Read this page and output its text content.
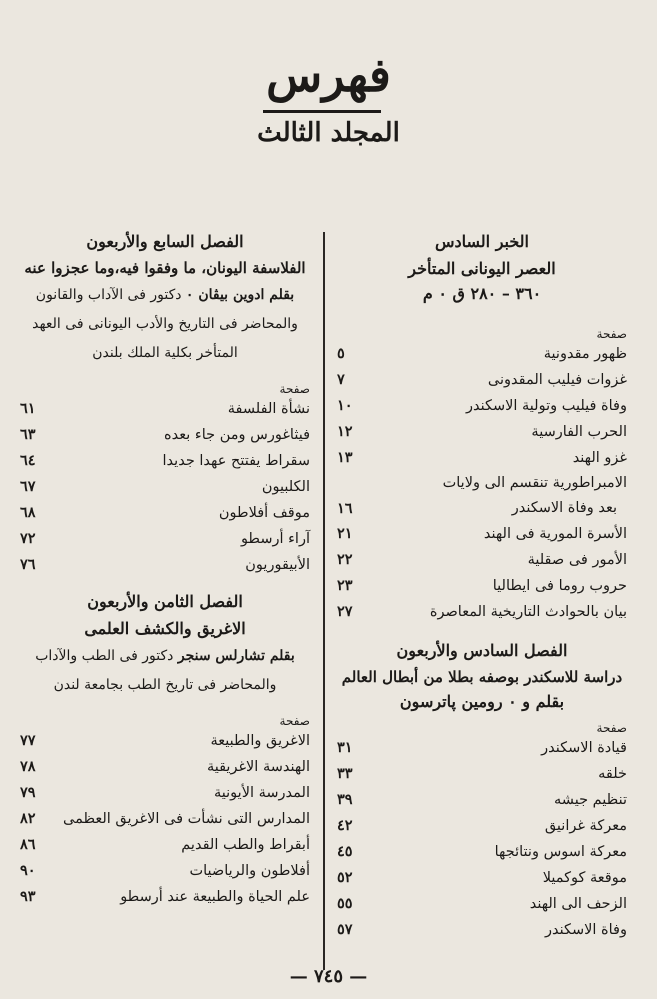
فهرس
المجلد الثالث
الخبر السادس
العصر اليونانى المتأخر
٣٦٠ – ٢٨٠ ق ٠ م
صفحة
ظهور مقدونية
٥
غزوات فيليب المقدونى
٧
وفاة فيليب وتولية الاسكندر
١٠
الحرب الفارسية
١٢
غزو الهند
١٣
الامبراطورية تنقسم الى ولايات
بعد وفاة الاسكندر
١٦
الأسرة المورية فى الهند
٢١
الأمور فى صقلية
٢٢
حروب روما فى ايطاليا
٢٣
بيان بالحوادث التاريخية المعاصرة
٢٧
الفصل السادس والأربعون
دراسة للاسكندر بوصفه بطلا من أبطال العالم
بقلم و ٠ رومين پاترسون
صفحة
قيادة الاسكندر
٣١
خلقه
٣٣
تنظيم جيشه
٣٩
معركة غرانيق
٤٢
معركة اسوس ونتائجها
٤٥
موقعة كوكميلا
٥٢
الزحف الى الهند
٥٥
وفاة الاسكندر
٥٧
الفصل السابع والأربعون
الفلاسفة اليونان، ما وفقوا فيه،وما عجزوا عنه
بقلم ادوين بيڤان ٠ دكتور فى الآداب والقانون
والمحاضر فى التاريخ والأدب اليونانى فى العهد
المتأخر بكلية الملك بلندن
صفحة
نشأة الفلسفة
٦١
فيثاغورس ومن جاء بعده
٦٣
سقراط يفتتح عهدا جديدا
٦٤
الكلبيون
٦٧
موقف أفلاطون
٦٨
آراء أرسطو
٧٢
الأبيقوريون
٧٦
الفصل الثامن والأربعون
الاغريق والكشف العلمى
بقلم تشارلس سنجر دكتور فى الطب والآداب
والمحاضر فى تاريخ الطب بجامعة لندن
صفحة
الاغريق والطبيعة
٧٧
الهندسة الاغريقية
٧٨
المدرسة الأيونية
٧٩
المدارس التى نشأت فى الاغريق العظمى
٨٢
أبقراط والطب القديم
٨٦
أفلاطون والرياضيات
٩٠
علم الحياة والطبيعة عند أرسطو
٩٣
— ٧٤٥ —
